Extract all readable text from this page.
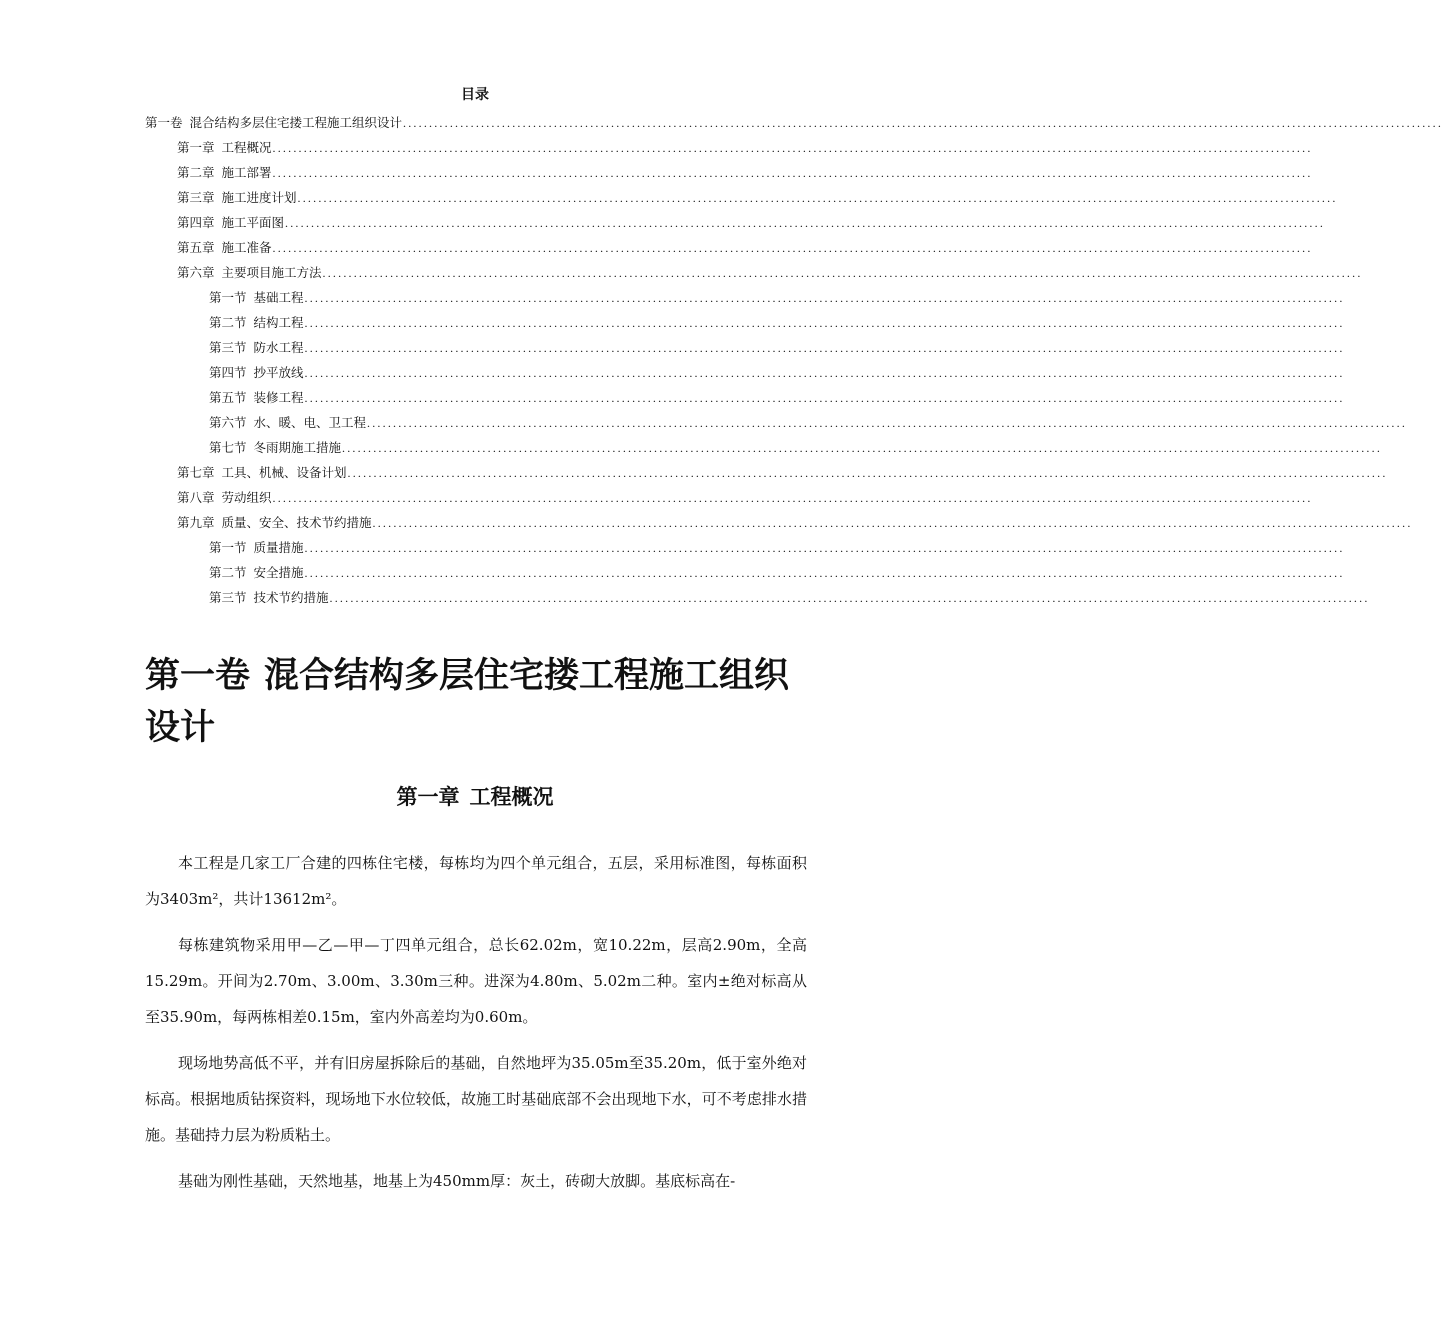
目录
第一卷 混合结构多层住宅搂工程施工组织设计 ........................................................................................................................................................................................................
第一章 工程概况 ........................................................................................................................................................................................................
第二章 施工部署 ........................................................................................................................................................................................................
第三章 施工进度计划 ........................................................................................................................................................................................................
第四章 施工平面图 ........................................................................................................................................................................................................
第五章 施工准备 ........................................................................................................................................................................................................
第六章 主要项目施工方法 ........................................................................................................................................................................................................
第一节 基础工程 ........................................................................................................................................................................................................
第二节 结构工程 ........................................................................................................................................................................................................
第三节 防水工程 ........................................................................................................................................................................................................
第四节 抄平放线 ........................................................................................................................................................................................................
第五节 装修工程 ........................................................................................................................................................................................................
第六节 水、暖、电、卫工程 ........................................................................................................................................................................................................
第七节 冬雨期施工措施 ........................................................................................................................................................................................................
第七章 工具、机械、设备计划 ........................................................................................................................................................................................................
第八章 劳动组织 ........................................................................................................................................................................................................
第九章 质量、安全、技术节约措施 ........................................................................................................................................................................................................
第一节 质量措施 ........................................................................................................................................................................................................
第二节 安全措施 ........................................................................................................................................................................................................
第三节 技术节约措施 ........................................................................................................................................................................................................
第一卷 混合结构多层住宅搂工程施工组织设计
第一章 工程概况

本工程是几家工厂合建的四栋住宅楼，每栋均为四个单元组合，五层，采用标准图，每栋面积为3403m²，共计13612m²。

每栋建筑物采用甲—乙—甲—丁四单元组合，总长62.02m，宽10.22m，层高2.90m，全高15.29m。开间为2.70m、3.00m、3.30m三种。进深为4.80m、5.02m二种。室内±绝对标高从至35.90m，每两栋相差0.15m，室内外高差均为0.60m。

现场地势高低不平，并有旧房屋拆除后的基础，自然地坪为35.05m至35.20m，低于室外绝对标高。根据地质钻探资料，现场地下水位较低，故施工时基础底部不会出现地下水，可不考虑排水措施。基础持力层为粉质粘土。

基础为刚性基础，天然地基，地基上为450mm厚：灰土，砖砌大放脚。基底标高在-
